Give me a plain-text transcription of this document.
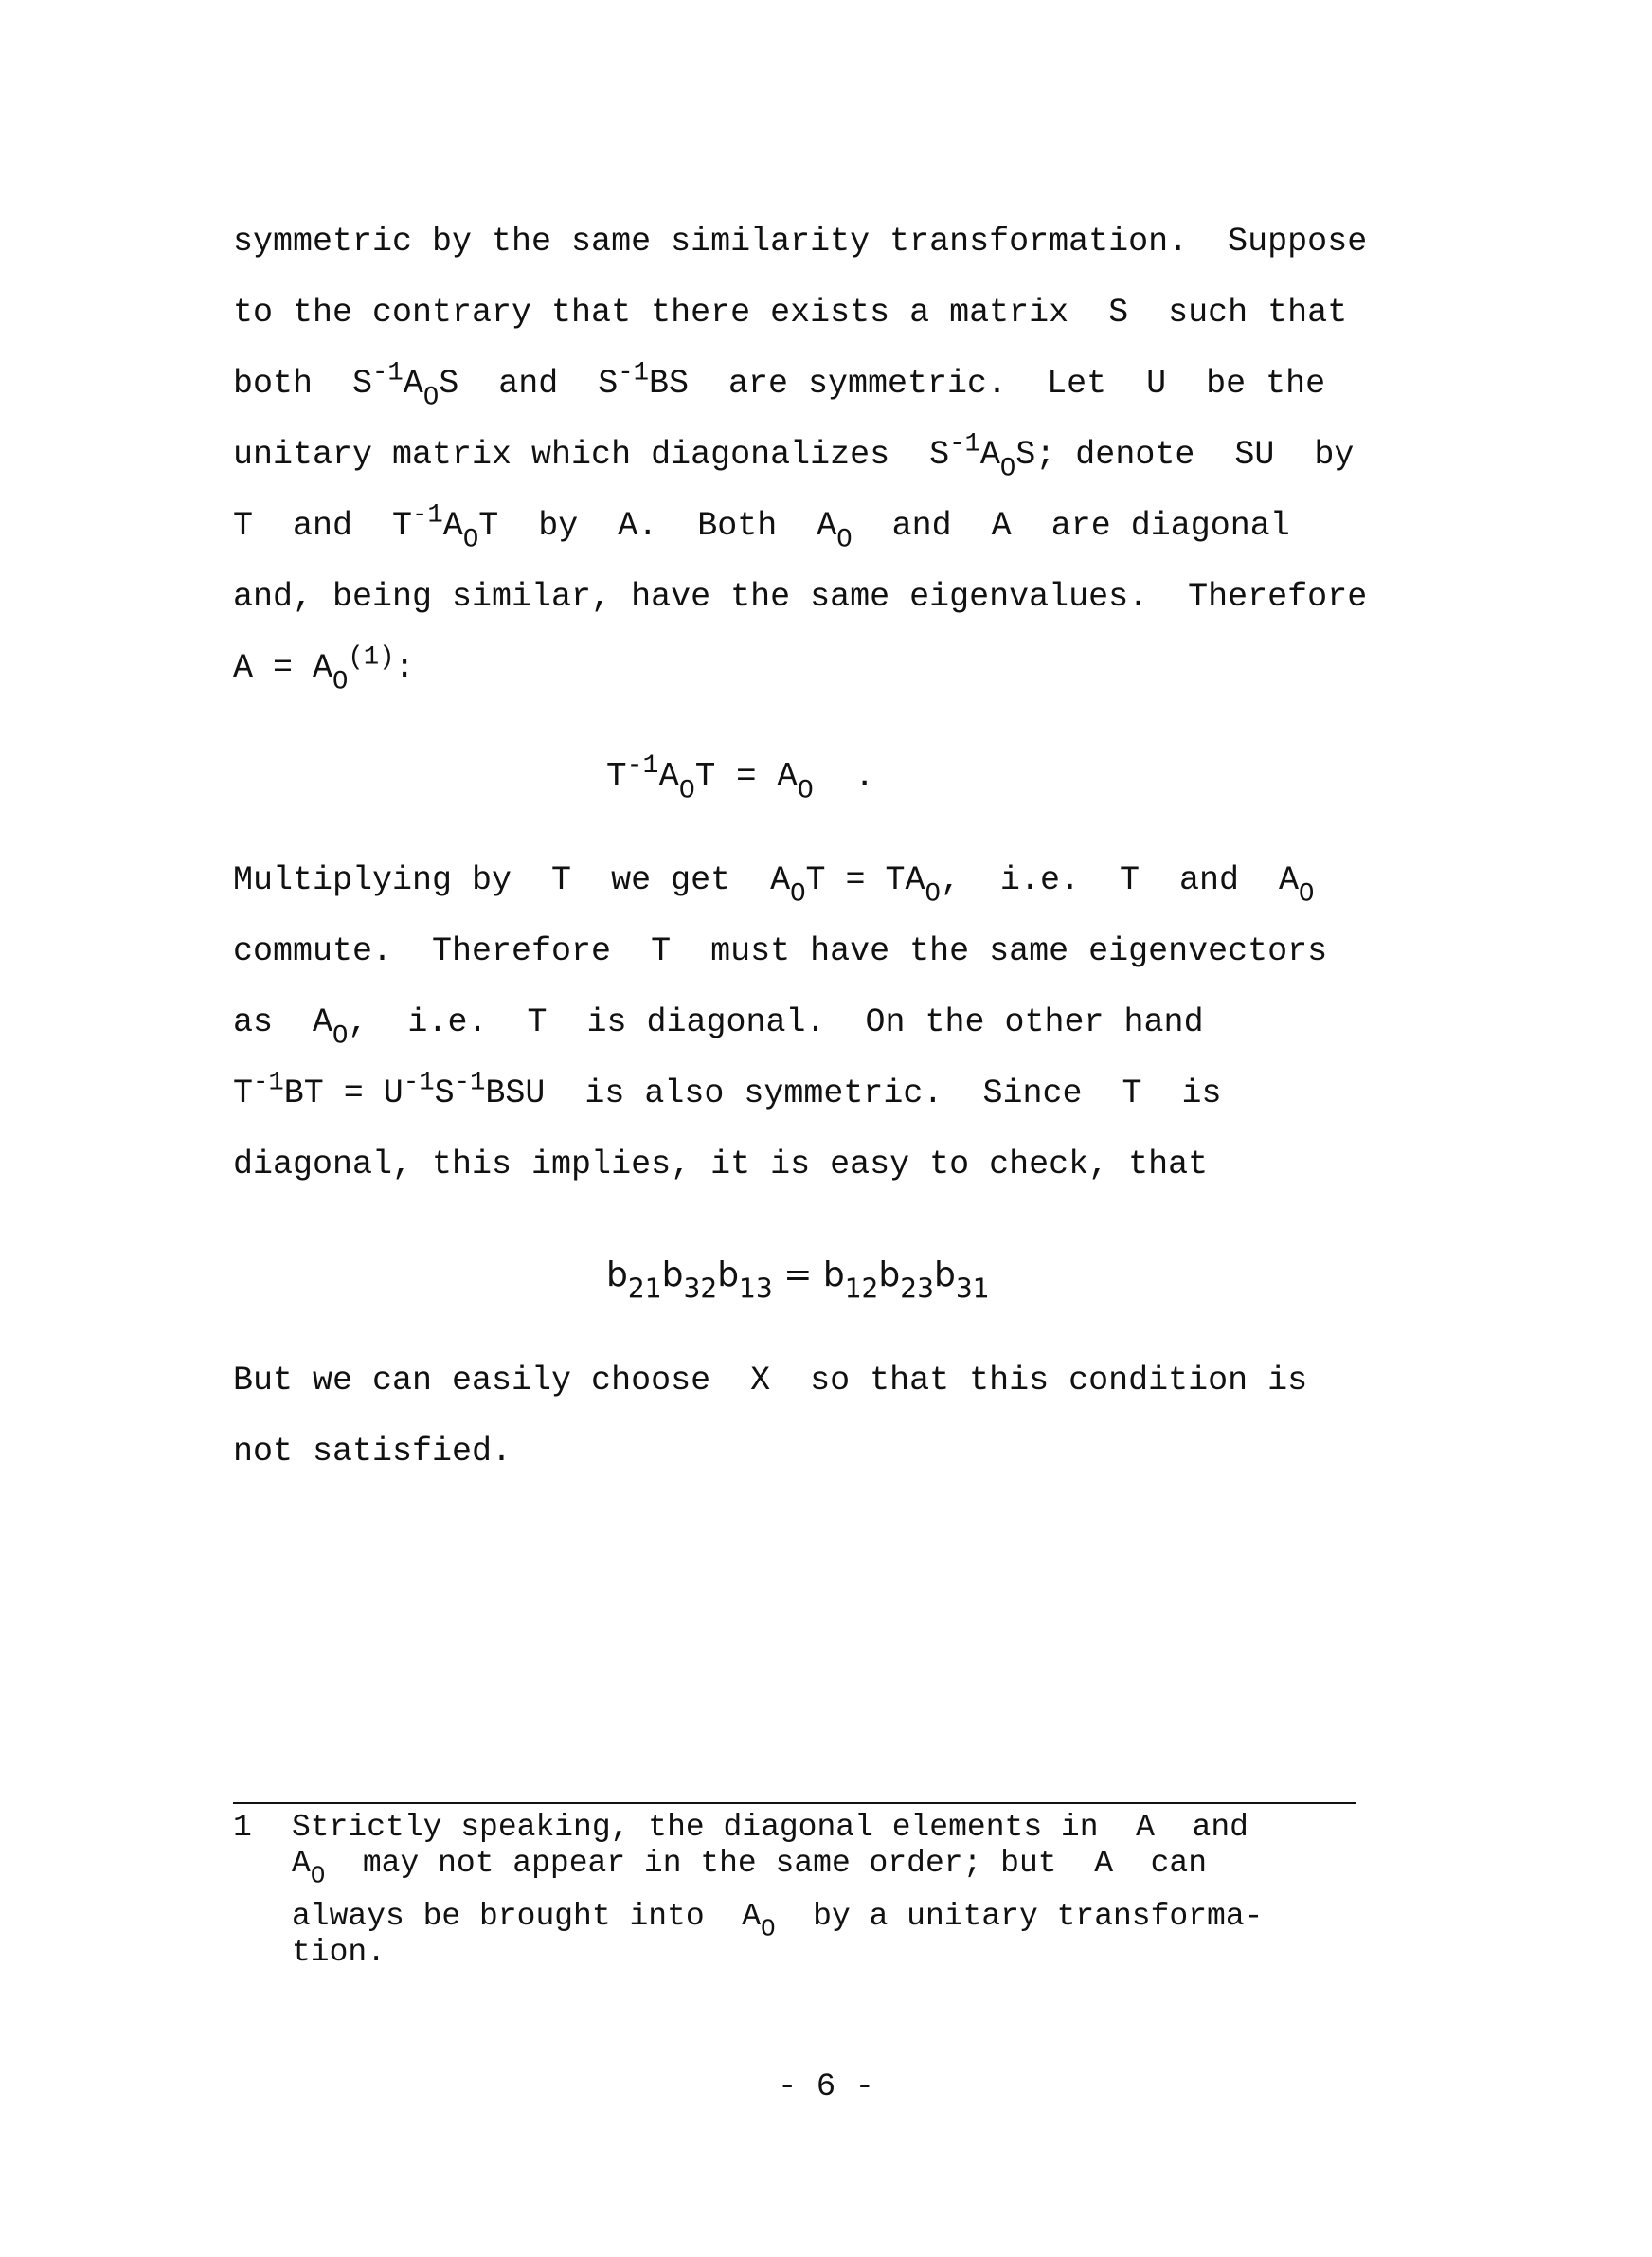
symmetric by the same similarity transformation.  Suppose
to the contrary that there exists a matrix  S  such that
both  $S^{-1}A_OS$  and  $S^{-1}BS$  are symmetric.  Let  U  be the
unitary matrix which diagonalizes  $S^{-1}A_OS$; denote  SU  by
T  and  $T^{-1}A_OT$  by  A.  Both  $A_O$  and  A  are diagonal
and, being similar, have the same eigenvalues.  Therefore
$A = A_O^{(1)}$:
$T^{-1}A_OT = A_O$  .
Multiplying by  T  we get  $A_OT = TA_O$,  i.e.  T  and  $A_O$
commute.  Therefore  T  must have the same eigenvectors
as  $A_O$,  i.e.  T  is diagonal.  On the other hand
$T^{-1}BT = U^{-1}S^{-1}BSU$  is also symmetric.  Since  T  is
diagonal, this implies, it is easy to check, that
$b_{21}b_{32}b_{13} = b_{12}b_{23}b_{31}$
But we can easily choose  X  so that this condition is
not satisfied.
1 Strictly speaking, the diagonal elements in  A  and
$A_O$  may not appear in the same order; but  A  can
always be brought into  $A_O$  by a unitary transforma-
tion.
- 6 -
